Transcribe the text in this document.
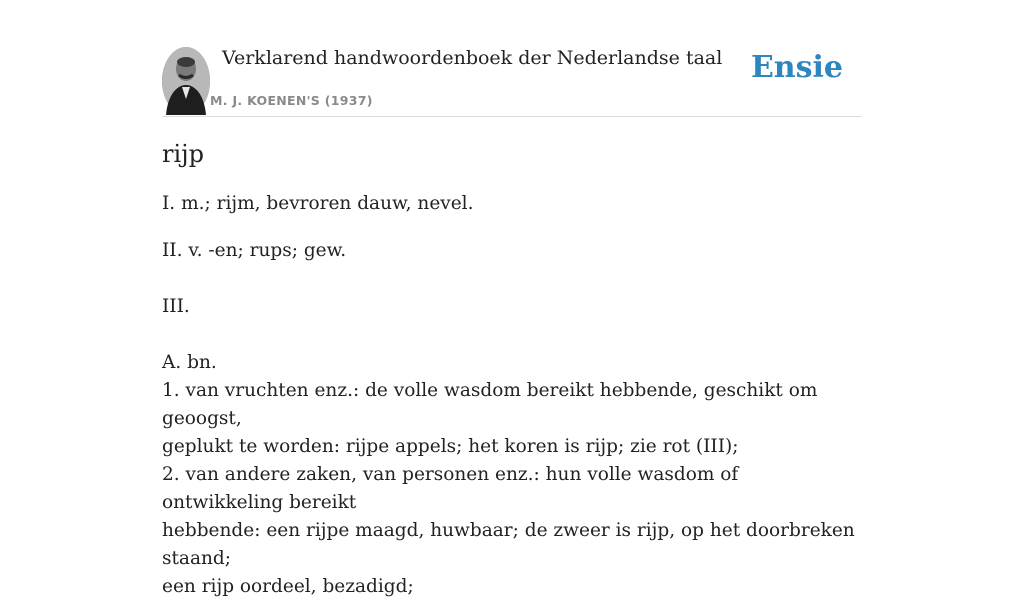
Verklarend handwoordenboek der Nederlandse taal
M. J. KOENEN'S (1937)
Ensie
rijp

I. m.; rijm, bevroren dauw, nevel.

II. v. -en; rups; gew.

III.

A. bn.

1. van vruchten enz.: de volle wasdom bereikt hebbende, geschikt om geoogst,

geplukt te worden: rijpe appels; het koren is rijp; zie rot (III);

2. van andere zaken, van personen enz.: hun volle wasdom of ontwikkeling bereikt

hebbende: een rijpe maagd, huwbaar; de zweer is rijp, op het doorbreken staand;

een rijp oordeel, bezadigd;
